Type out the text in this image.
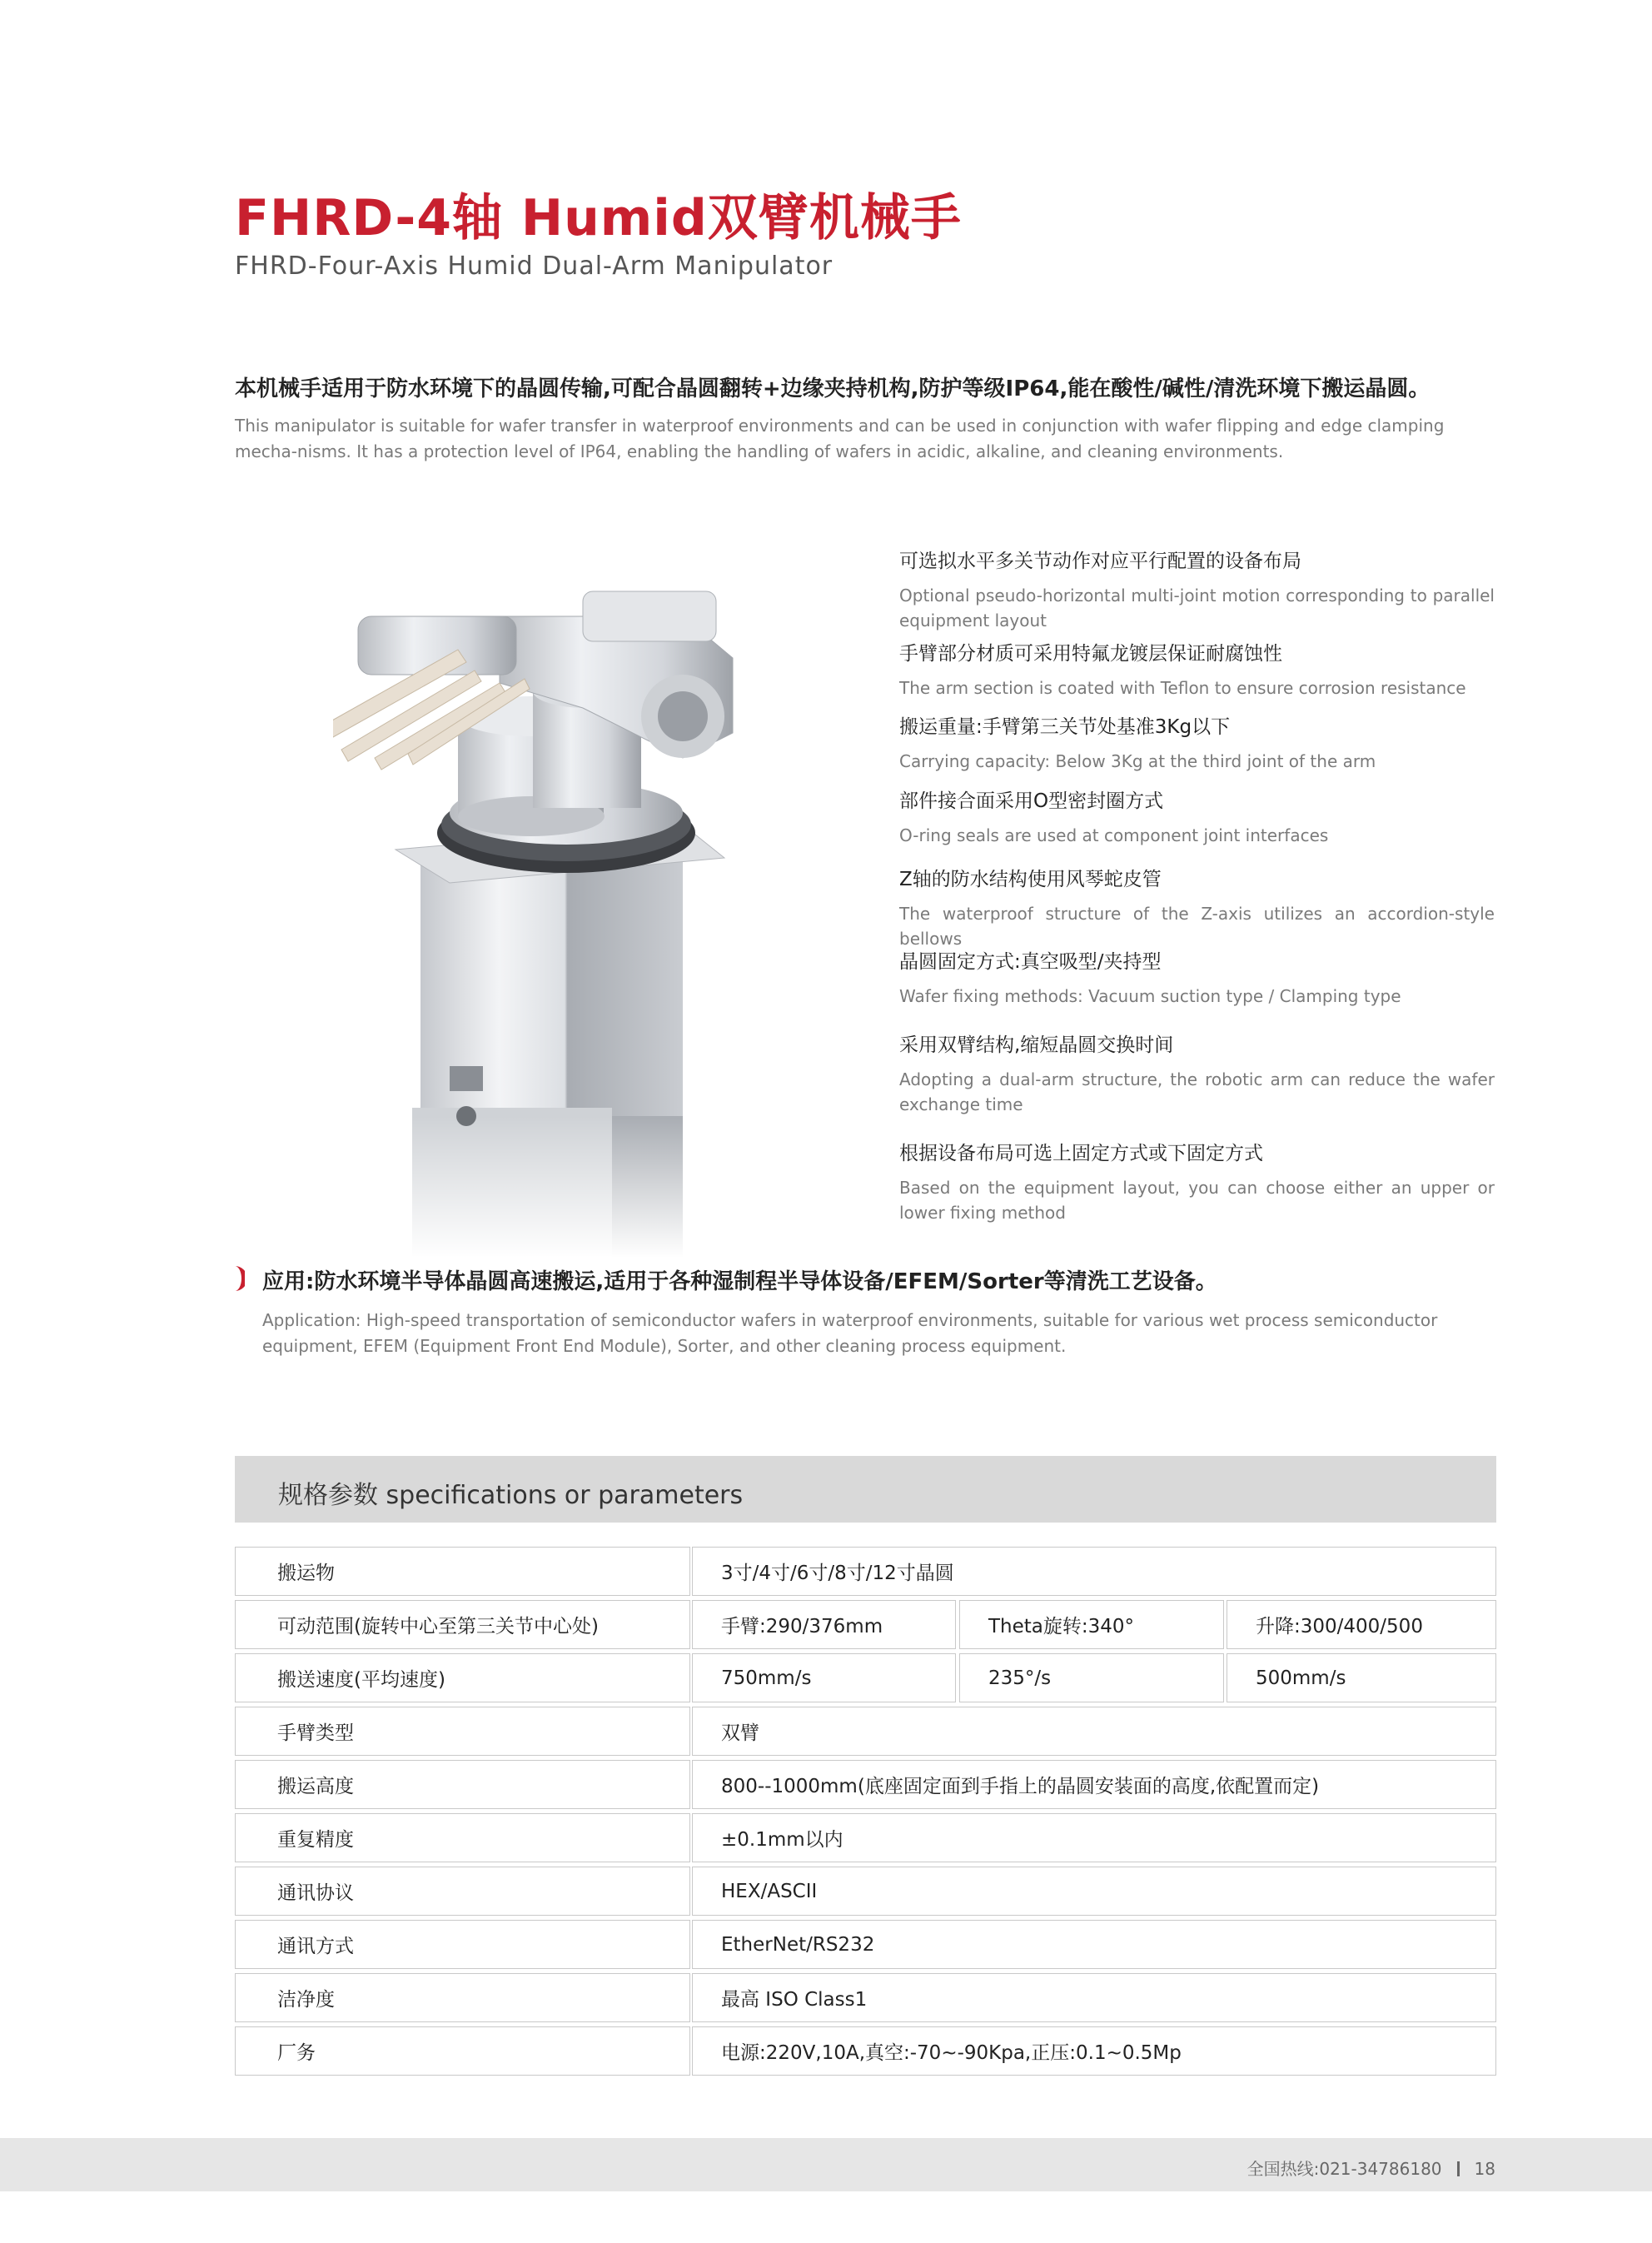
FHRD-4轴 Humid双臂机械手
FHRD-Four-Axis Humid Dual-Arm Manipulator
本机械手适用于防水环境下的晶圆传输,可配合晶圆翻转+边缘夹持机构,防护等级IP64,能在酸性/碱性/清洗环境下搬运晶圆。
This manipulator is suitable for wafer transfer in waterproof environments and can be used in conjunction with wafer flipping and edge clamping mecha-nisms. It has a protection level of IP64, enabling the handling of wafers in acidic, alkaline, and cleaning environments.
可选拟水平多关节动作对应平行配置的设备布局
Optional pseudo-horizontal multi-joint motion corresponding to parallel equipment layout
手臂部分材质可采用特氟龙镀层保证耐腐蚀性
The arm section is coated with Teflon to ensure corrosion resistance
搬运重量:手臂第三关节处基准3Kg以下
Carrying capacity: Below 3Kg at the third joint of the arm
部件接合面采用O型密封圈方式
O-ring seals are used at component joint interfaces
Z轴的防水结构使用风琴蛇皮管
The waterproof structure of the Z-axis utilizes an accordion-style bellows
晶圆固定方式:真空吸型/夹持型
Wafer fixing methods: Vacuum suction type / Clamping type
采用双臂结构,缩短晶圆交换时间
Adopting a dual-arm structure, the robotic arm can reduce the wafer exchange time
根据设备布局可选上固定方式或下固定方式
Based on the equipment layout, you can choose either an upper or lower fixing method
应用:防水环境半导体晶圆高速搬运,适用于各种湿制程半导体设备/EFEM/Sorter等清洗工艺设备。
Application: High-speed transportation of semiconductor wafers in waterproof environments, suitable for various wet process semiconductor equipment, EFEM (Equipment Front End Module), Sorter, and other cleaning process equipment.
规格参数 specifications or parameters
搬运物	3寸/4寸/6寸/8寸/12寸晶圆
可动范围(旋转中心至第三关节中心处)	手臂:290/376mm	Theta旋转:340°	升降:300/400/500
搬送速度(平均速度)	750mm/s	235°/s	500mm/s
手臂类型	双臂
搬运高度	800--1000mm(底座固定面到手指上的晶圆安装面的高度,依配置而定)
重复精度	±0.1mm以内
通讯协议	HEX/ASCII
通讯方式	EtherNet/RS232
洁净度	最高 ISO Class1
厂务	电源:220V,10A,真空:-70~-90Kpa,正压:0.1~0.5Mp
全国热线:021-34786180 18
